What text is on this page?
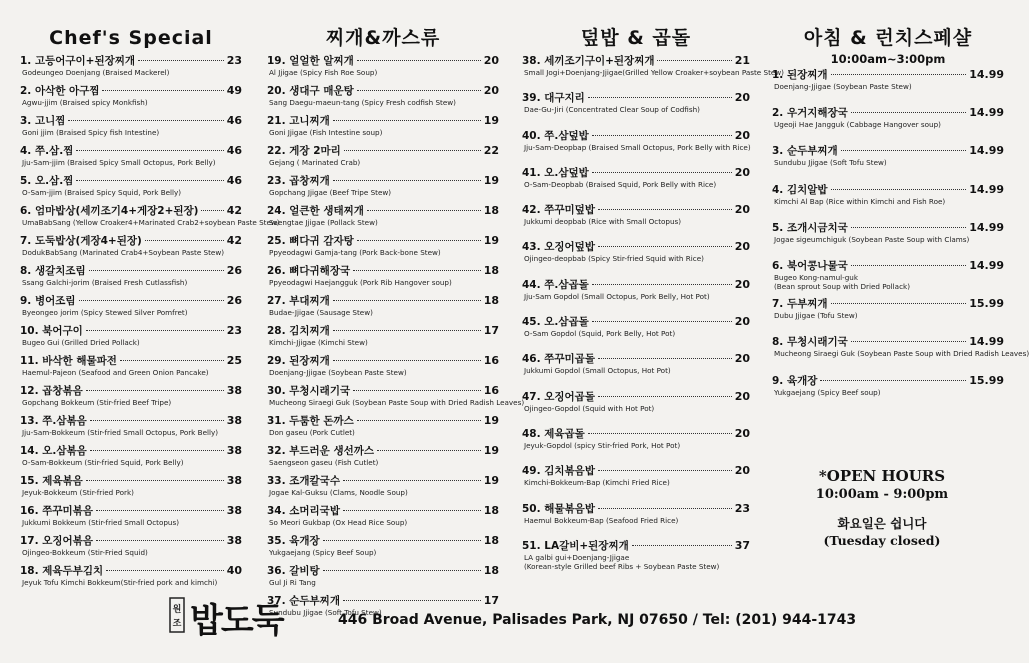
Chef's Special
1. 고등어구이+된장찌개	23
Godeungeo Doenjang (Braised Mackerel)
2. 아삭한 아구찜	49
Agwu-jjim (Braised spicy Monkfish)
3. 고니찜	46
Goni jjim (Braised Spicy fish Intestine)
4. 쭈.삼.찜	46
Jju-Sam-jjim (Braised Spicy Small Octopus, Pork Belly)
5. 오.삼.찜	46
O-Sam-jjim (Braised Spicy Squid, Pork Belly)
6. 엄마밥상(세끼조기4+게장2+된장)	42
UmaBabSang (Yellow Croaker4+Marinated Crab2+soybean Paste Stew)
7. 도둑밥상(게장4+된장)	42
DodukBabSang (Marinated Crab4+Soybean Paste Stew)
8. 생갈치조림	26
Ssang Galchi-jorim (Braised Fresh Cutlassfish)
9. 병어조림	26
Byeongeo jorim (Spicy Stewed Silver Pomfret)
10. 북어구이	23
Bugeo Gui (Grilled Dried Pollack)
11. 바삭한 해물파전	25
Haemul-Pajeon (Seafood and Green Onion Pancake)
12. 곱창볶음	38
Gopchang Bokkeum (Stir-fried Beef Tripe)
13. 쭈.삼볶음	38
Jju-Sam-Bokkeum (Stir-fried Small Octopus, Pork Belly)
14. 오.삼볶음	38
O-Sam-Bokkeum (Stir-fried Squid, Pork Belly)
15. 제육볶음	38
Jeyuk-Bokkeum (Stir-fried Pork)
16. 쭈꾸미볶음	38
Jukkumi Bokkeum (Stir-fried Small Octopus)
17. 오징어볶음	38
Ojingeo-Bokkeum (Stir-Fried Squid)
18. 제육두부김치	40
Jeyuk Tofu Kimchi Bokkeum(Stir-fried pork and kimchi)
찌개&까스류
19. 얼얼한 알찌개	20
Al Jjigae (Spicy Fish Roe Soup)
20. 생대구 매운탕	20
Sang Daegu-maeun-tang (Spicy Fresh codfish Stew)
21. 고니찌개	19
Goni Jjigae (Fish Intestine soup)
22. 게장 2마리	22
Gejang ( Marinated Crab)
23. 곱창찌개	19
Gopchang Jjigae (Beef Tripe Stew)
24. 얼큰한 생태찌개	18
Saengtae Jjigae (Pollack Stew)
25. 뼈다귀 감자탕	19
Ppyeodagwi Gamja-tang (Pork Back-bone Stew)
26. 뼈다귀해장국	18
Ppyeodagwi Haejangguk (Pork Rib Hangover soup)
27. 부대찌개	18
Budae-Jjigae (Sausage Stew)
28. 김치찌개	17
Kimchi-Jjigae (Kimchi Stew)
29. 된장찌개	16
Doenjang-Jjigae (Soybean Paste Stew)
30. 무청시래기국	16
Mucheong Siraegi Guk (Soybean Paste Soup with Dried Radish Leaves)
31. 두툼한 돈까스	19
Don gaseu (Pork Cutlet)
32. 부드러운 생선까스	19
Saengseon gaseu (Fish Cutlet)
33. 조개칼국수	19
Jogae Kal-Guksu (Clams, Noodle Soup)
34. 소머리국밥	18
So Meori Gukbap (Ox Head Rice Soup)
35. 육개장	18
Yukgaejang (Spicy Beef Soup)
36. 갈비탕	18
Gul Ji Ri Tang
37. 순두부찌개	17
Sundubu Jjigae (Soft Tofu Stew)
덮밥 & 곱돌
38. 세끼조기구이+된장찌개	21
Small Jogi+Doenjang-Jjigae(Grilled Yellow Croaker+soybean Paste Stew)
39. 대구지리	20
Dae-Gu-Jiri (Concentrated Clear Soup of Codfish)
40. 쭈.삼덮밥	20
Jju-Sam-Deopbap (Braised Small Octopus, Pork Belly with Rice)
41. 오.삼덮밥	20
O-Sam-Deopbab (Braised Squid, Pork Belly with Rice)
42. 쭈꾸미덮밥	20
Jukkumi deopbab (Rice with Small Octopus)
43. 오징어덮밥	20
Ojingeo-deopbab (Spicy Stir-fried Squid with Rice)
44. 쭈.삼곱돌	20
Jju-Sam Gopdol (Small Octopus, Pork Belly, Hot Pot)
45. 오.삼곱돌	20
O-Sam Gopdol (Squid, Pork Belly, Hot Pot)
46. 쭈꾸미곱돌	20
Jukkumi Gopdol (Small Octopus, Hot Pot)
47. 오징어곱돌	20
Ojingeo-Gopdol (Squid with Hot Pot)
48. 제육곱돌	20
Jeyuk-Gopdol (spicy Stir-fried Pork, Hot Pot)
49. 김치볶음밥	20
Kimchi-Bokkeum-Bap (Kimchi Fried Rice)
50. 해물볶음밥	23
Haemul Bokkeum-Bap (Seafood Fried Rice)
51. LA갈비+된장찌개	37
LA galbi gui+Doenjang-Jjigae
(Korean-style Grilled beef Ribs + Soybean Paste Stew)
아침 & 런치스페샬
10:00am~3:00pm
1. 된장찌개	14.99
Doenjang-Jjigae (Soybean Paste Stew)
2. 우거지해장국	14.99
Ugeoji Hae Jangguk (Cabbage Hangover soup)
3. 순두부찌개	14.99
Sundubu Jjigae (Soft Tofu Stew)
4. 김치알밥	14.99
Kimchi Al Bap (Rice within Kimchi and Fish Roe)
5. 조개시금치국	14.99
Jogae sigeumchiguk (Soybean Paste Soup with Clams)
6. 북어콩나물국	14.99
Bugeo Kong-namul-guk
(Bean sprout Soup with Dried Pollack)
7. 두부찌개	15.99
Dubu Jjigae (Tofu Stew)
8. 무청시래기국	14.99
Mucheong Siraegi Guk (Soybean Paste Soup with Dried Radish Leaves)
9. 육개장	15.99
Yukgaejang (Spicy Beef soup)
*OPEN HOURS
10:00am - 9:00pm
화요일은 쉽니다
(Tuesday closed)
원
조 밥도둑	446 Broad Avenue, Palisades Park, NJ 07650 / Tel: (201) 944-1743
